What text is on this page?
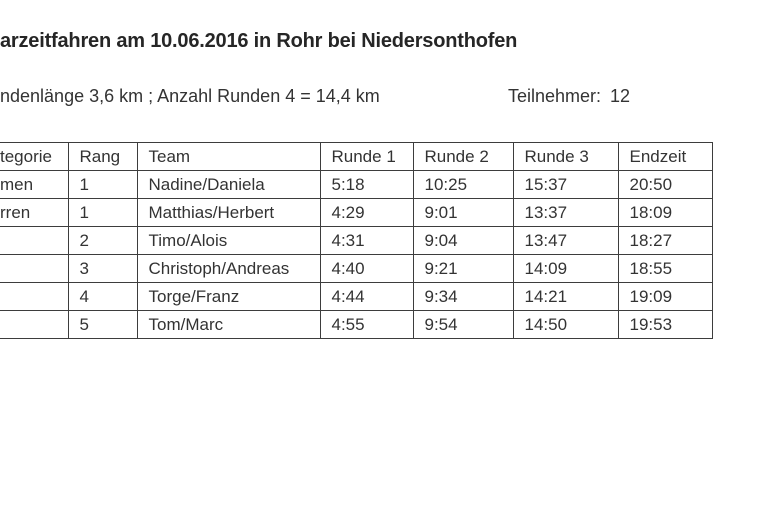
arzeitfahren am 10.06.2016 in Rohr bei Niedersonthofen
ndenlänge 3,6 km ; Anzahl Runden 4 = 14,4 km	Teilnehmer: 12
tegorie	Rang	Team	Runde 1	Runde 2	Runde 3	Endzeit
men	1	Nadine/Daniela	5:18	10:25	15:37	20:50
rren	1	Matthias/Herbert	4:29	9:01	13:37	18:09
	2	Timo/Alois	4:31	9:04	13:47	18:27
	3	Christoph/Andreas	4:40	9:21	14:09	18:55
	4	Torge/Franz	4:44	9:34	14:21	19:09
	5	Tom/Marc	4:55	9:54	14:50	19:53
